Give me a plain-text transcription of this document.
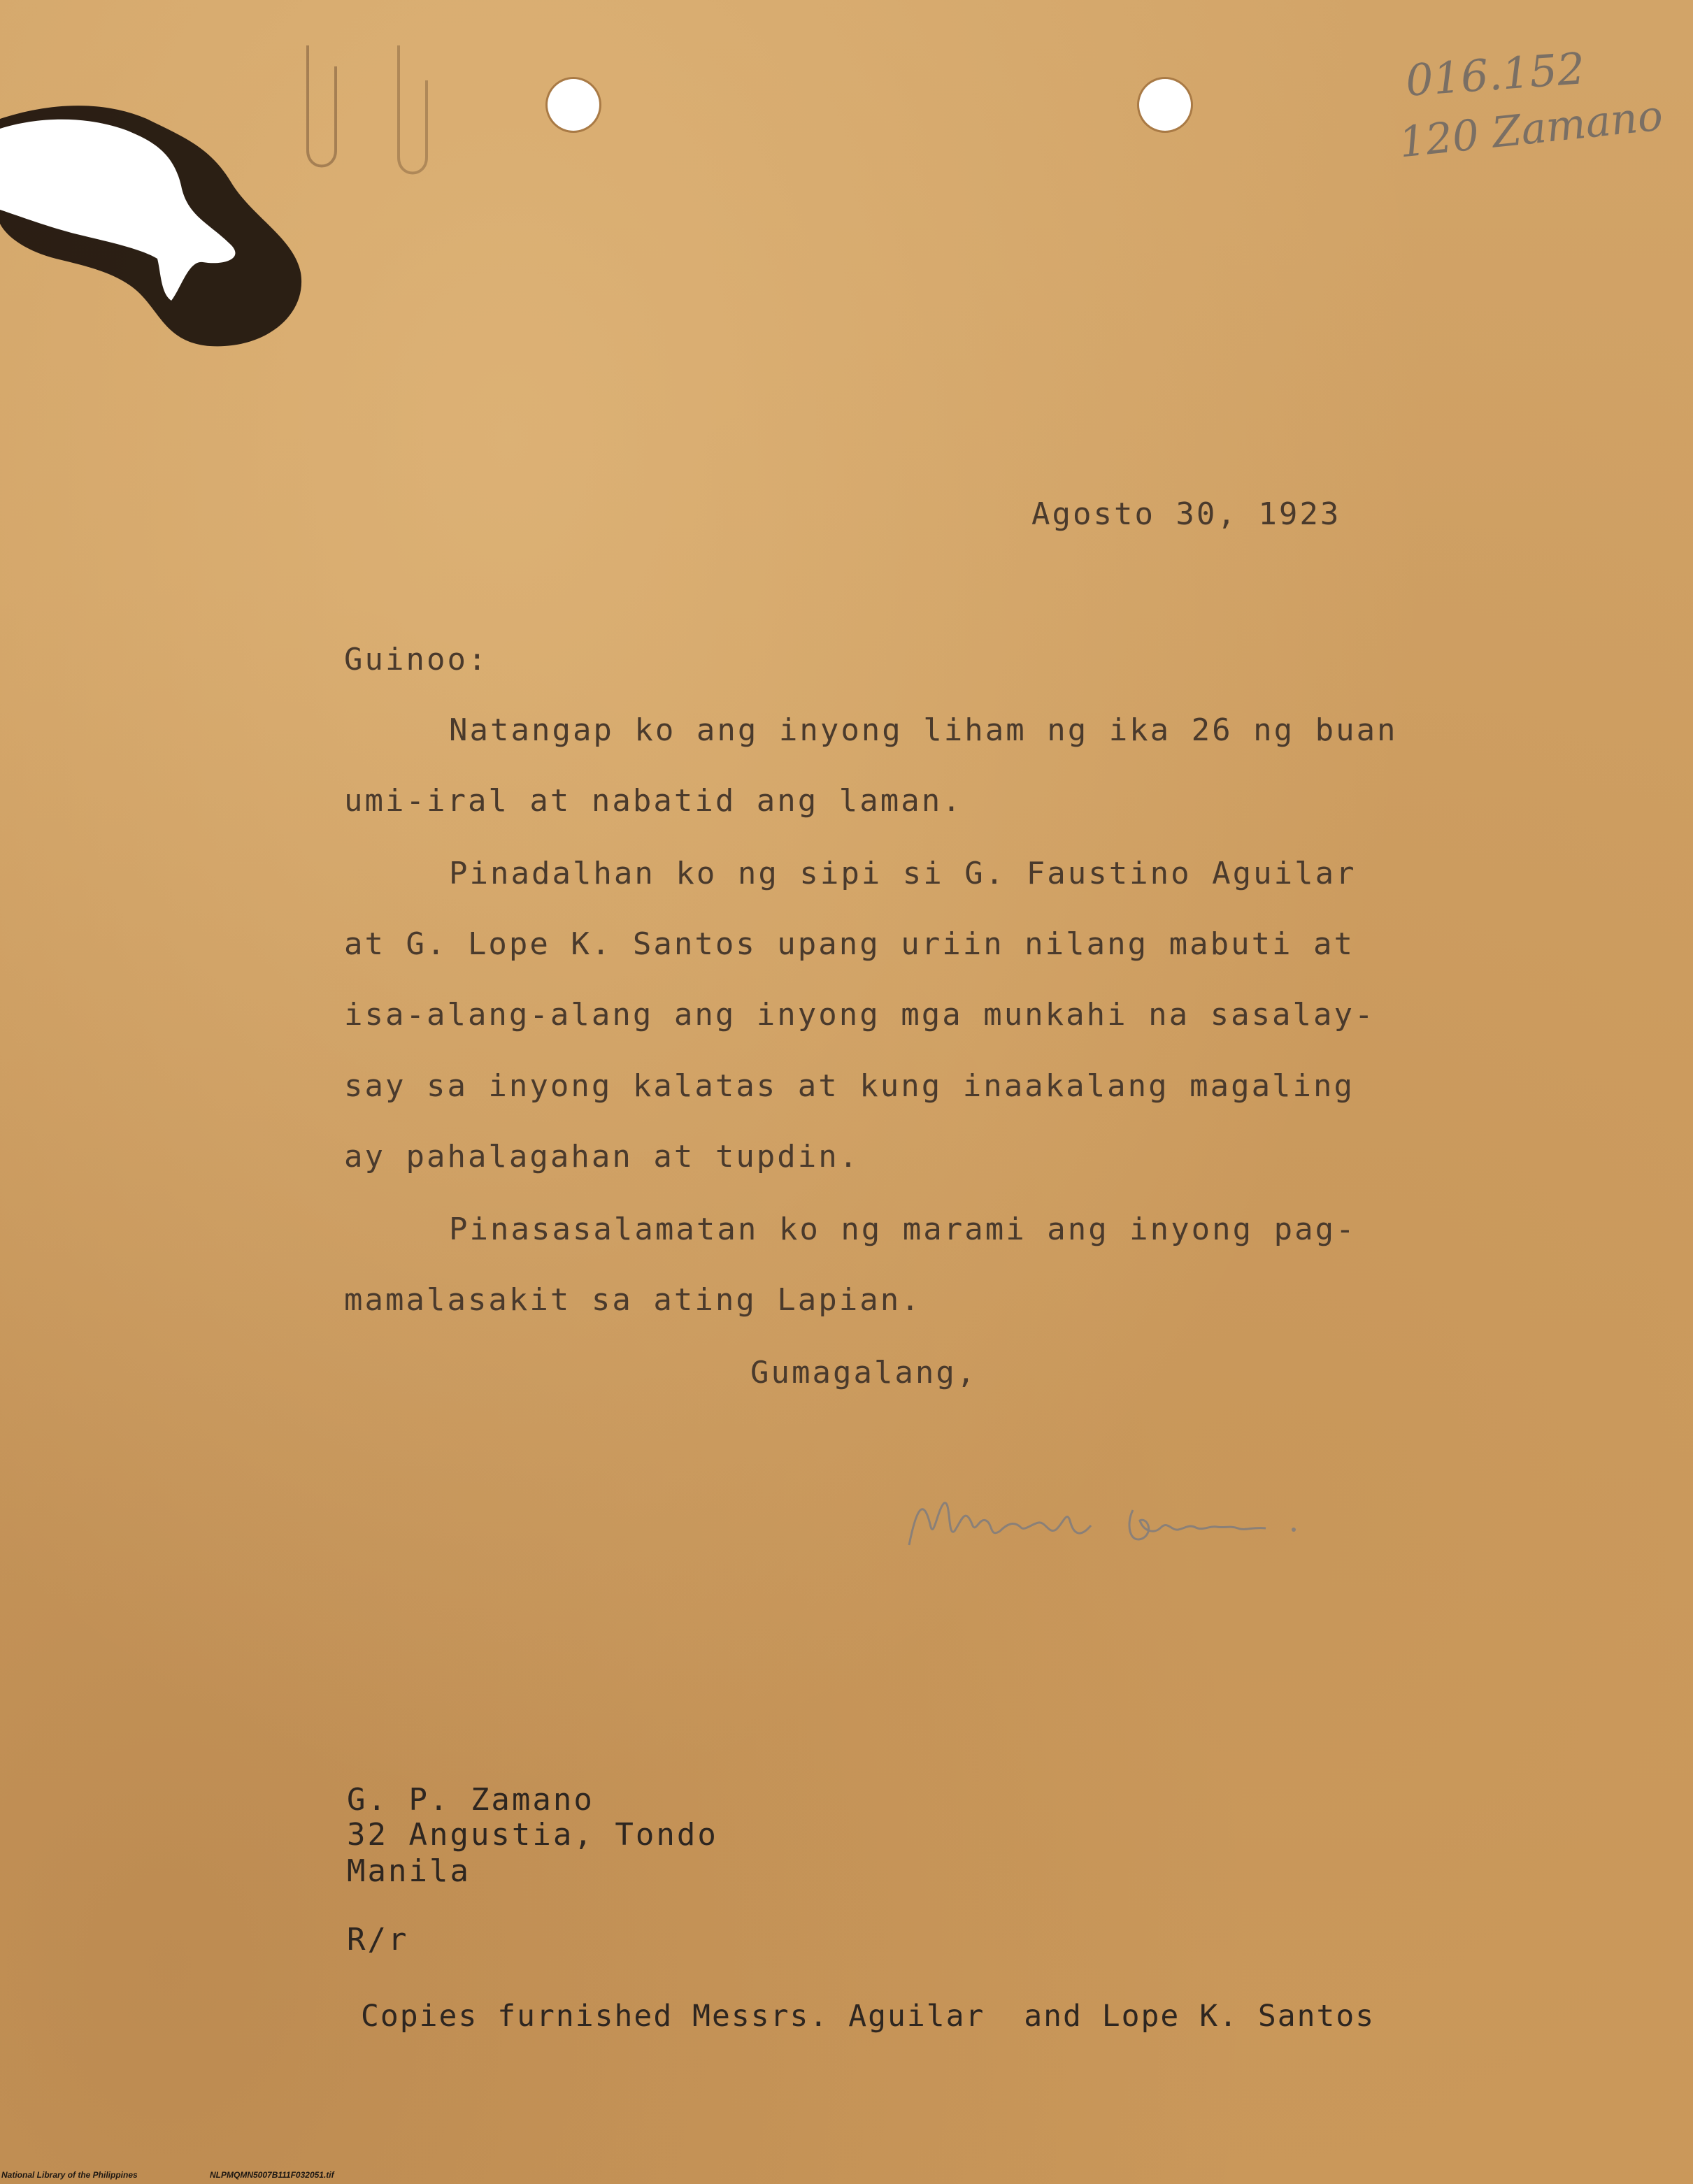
016.152
120 Zamano
Agosto 30, 1923
Guinoo:
Natangap ko ang inyong liham ng ika 26 ng buan
umi-iral at nabatid ang laman.
Pinadalhan ko ng sipi si G. Faustino Aguilar
at G. Lope K. Santos upang uriin nilang mabuti at
isa-alang-alang ang inyong mga munkahi na sasalay-
say sa inyong kalatas at kung inaakalang magaling
ay pahalagahan at tupdin.
Pinasasalamatan ko ng marami ang inyong pag-
mamalasakit sa ating Lapian.
Gumagalang,
G. P. Zamano
32 Angustia, Tondo
Manila
R/r
Copies furnished Messrs. Aguilar  and Lope K. Santos
National Library of the Philippines	NLPMQMN5007B111F032051.tif
